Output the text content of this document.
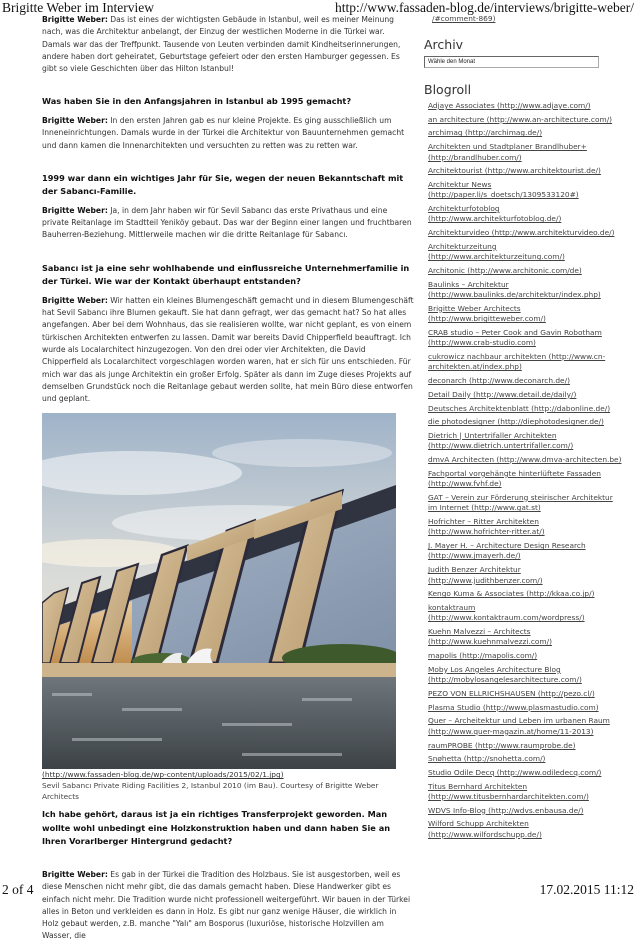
Brigitte Weber im Interview	http://www.fassaden-blog.de/interviews/brigitte-weber/

Brigitte Weber: Das ist eines der wichtigsten Gebäude in Istanbul, weil es meiner Meinung nach, was die Architektur anbelangt, der Einzug der westlichen Moderne in die Türkei war. Damals war das der Treffpunkt. Tausende von Leuten verbinden damit Kindheitserinnerungen, andere haben dort geheiratet, Geburtstage gefeiert oder den ersten Hamburger gegessen. Es gibt so viele Geschichten über das Hilton Istanbul!

Was haben Sie in den Anfangsjahren in Istanbul ab 1995 gemacht?

Brigitte Weber: In den ersten Jahren gab es nur kleine Projekte. Es ging ausschließlich um Inneneinrichtungen. Damals wurde in der Türkei die Architektur von Bauunternehmen gemacht und dann kamen die Innenarchitekten und versuchten zu retten was zu retten war.

1999 war dann ein wichtiges Jahr für Sie, wegen der neuen Bekanntschaft mit der Sabancı-Familie.

Brigitte Weber: Ja, in dem Jahr haben wir für Sevil Sabancı das erste Privathaus und eine private Reitanlage im Stadtteil Yeniköy gebaut. Das war der Beginn einer langen und fruchtbaren Bauherren-Beziehung. Mittlerweile machen wir die dritte Reitanlage für Sabancı.

Sabancı ist ja eine sehr wohlhabende und einflussreiche Unternehmerfamilie in der Türkei. Wie war der Kontakt überhaupt entstanden?

Brigitte Weber: Wir hatten ein kleines Blumengeschäft gemacht und in diesem Blumengeschäft hat Sevil Sabancı ihre Blumen gekauft. Sie hat dann gefragt, wer das gemacht hat? So hat alles angefangen. Aber bei dem Wohnhaus, das sie realisieren wollte, war nicht geplant, es von einem türkischen Architekten entwerfen zu lassen. Damit war bereits David Chipperfield beauftragt. Ich wurde als Localarchitect hinzugezogen. Von den drei oder vier Architekten, die David Chipperfield als Localarchitect vorgeschlagen worden waren, hat er sich für uns entschieden. Für mich war das als junge Architektin ein großer Erfolg. Später als dann im Zuge dieses Projekts auf demselben Grundstück noch die Reitanlage gebaut werden sollte, hat mein Büro diese entworfen und geplant.

(http://www.fassaden-blog.de/wp-content/uploads/2015/02/1.jpg)
Sevil Sabancı Private Riding Facilities 2, Istanbul 2010 (im Bau). Courtesy of Brigitte Weber Architects

Ich habe gehört, daraus ist ja ein richtiges Transferprojekt geworden. Man wollte wohl unbedingt eine Holzkonstruktion haben und dann haben Sie an Ihren Vorarlberger Hintergrund gedacht?

Brigitte Weber: Es gab in der Türkei die Tradition des Holzbaus. Sie ist ausgestorben, weil es diese Menschen nicht mehr gibt, die das damals gemacht haben. Diese Handwerker gibt es einfach nicht mehr. Die Tradition wurde nicht professionell weitergeführt. Wir bauen in der Türkei alles in Beton und verkleiden es dann in Holz. Es gibt nur ganz wenige Häuser, die wirklich in Holz gebaut werden, z.B. manche "Yalı" am Bosporus (luxuriöse, historische Holzvillen am Wasser, die

/#comment-869)
Archiv
Wähle den Monat
Blogroll
Adjaye Associates (http://www.adjaye.com/)
an architecture (http://www.an-architecture.com/)
archimag (http://archimag.de/)
Architekten und Stadtplaner Brandlhuber+ (http://brandlhuber.com/)
Architektourist (http://www.architektourist.de/)
Architektur News (http://paper.li/s_doetsch/1309533120#)
Architekturfotoblog (http://www.architekturfotoblog.de/)
Architekturvideo (http://www.architekturvideo.de/)
Architekturzeitung (http://www.architekturzeitung.com/)
Architonic (http://www.architonic.com/de)
Baulinks – Architektur (http://www.baulinks.de/architektur/index.php)
Brigitte Weber Architects (http://www.brigitteweber.com/)
CRAB studio – Peter Cook and Gavin Robotham (http://www.crab-studio.com)
cukrowicz nachbaur architekten (http://www.cn-architekten.at/index.php)
deconarch (http://www.deconarch.de/)
Detail Daily (http://www.detail.de/daily/)
Deutsches Architektenblatt (http://dabonline.de/)
die photodesigner (http://diephotodesigner.de/)
Dietrich | Untertrifaller Architekten (http://www.dietrich.untertrifaller.com/)
dmvA Architecten (http://www.dmva-architecten.be)
Fachportal vorgehängte hinterlüftete Fassaden (http://www.fvhf.de)
GAT – Verein zur Förderung steirischer Architektur im Internet (http://www.gat.st)
Hofrichter – Ritter Architekten (http://www.hofrichter-ritter.at/)
J. Mayer H. – Architecture Design Research (http://www.jmayerh.de/)
Judith Benzer Architektur (http://www.judithbenzer.com/)
Kengo Kuma & Associates (http://kkaa.co.jp/)
kontaktraum (http://www.kontaktraum.com/wordpress/)
Kuehn Malvezzi – Architects (http://www.kuehnmalvezzi.com/)
mapolis (http://mapolis.com/)
Moby Los Angeles Architecture Blog (http://mobylosangelesarchitecture.com/)
PEZO VON ELLRICHSHAUSEN (http://pezo.cl/)
Plasma Studio (http://www.plasmastudio.com)
Quer – Archeitektur und Leben im urbanen Raum (http://www.quer-magazin.at/home/11-2013)
raumPROBE (http://www.raumprobe.de)
Snøhetta (http://snohetta.com/)
Studio Odile Decq (http://www.odiledecq.com/)
Titus Bernhard Architekten (http://www.titusbernhardarchitekten.com/)
WDVS Info-Blog (http://wdvs.enbausa.de/)
Wilford Schupp Architekten (http://www.wilfordschupp.de/)
2 of 4	17.02.2015 11:12
